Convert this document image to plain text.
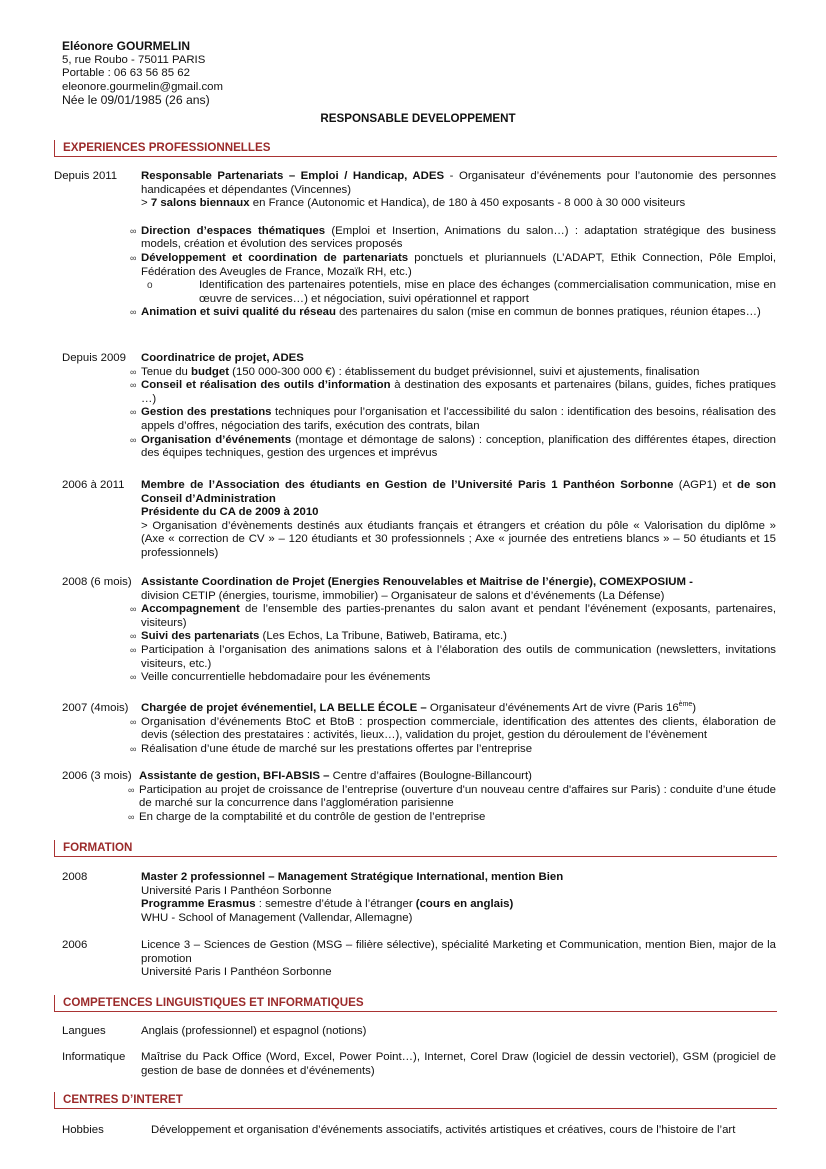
Eléonore GOURMELIN
5, rue Roubo - 75011 PARIS
Portable : 06 63 56 85 62
eleonore.gourmelin@gmail.com
Née le 09/01/1985 (26 ans)
RESPONSABLE DEVELOPPEMENT
EXPERIENCES PROFESSIONNELLES
Depuis 2011 Responsable Partenariats – Emploi / Handicap, ADES - Organisateur d’événements pour l’autonomie des personnes handicapées et dépendantes (Vincennes)

> 7 salons biennaux en France (Autonomic et Handica), de 180 à 450 exposants - 8 000 à 30 000 visiteurs

∞ Direction d’espaces thématiques (Emploi et Insertion, Animations du salon…) : adaptation stratégique des business models, création et évolution des services proposés
∞ Développement et coordination de partenariats ponctuels et pluriannuels (L’ADAPT, Ethik Connection, Pôle Emploi, Fédération des Aveugles de France, Mozaïk RH, etc.)
o Identification des partenaires potentiels, mise en place des échanges (commercialisation communication, mise en œuvre de services…) et négociation, suivi opérationnel et rapport
∞ Animation et suivi qualité du réseau des partenaires du salon (mise en commun de bonnes pratiques, réunion étapes…)
Depuis 2009 Coordinatrice de projet, ADES

∞ Tenue du budget (150 000-300 000 €) : établissement du budget prévisionnel, suivi et ajustements, finalisation
∞ Conseil et réalisation des outils d’information à destination des exposants et partenaires (bilans, guides, fiches pratiques …)
∞ Gestion des prestations techniques pour l’organisation et l’accessibilité du salon : identification des besoins, réalisation des appels d’offres, négociation des tarifs, exécution des contrats, bilan
∞ Organisation d’événements (montage et démontage de salons) : conception, planification des différentes étapes, direction des équipes techniques, gestion des urgences et imprévus
2006 à 2011 Membre de l’Association des étudiants en Gestion de l’Université Paris 1 Panthéon Sorbonne (AGP1) et de son Conseil d’Administration

Présidente du CA de 2009 à 2010

> Organisation d’évènements destinés aux étudiants français et étrangers et création du pôle « Valorisation du diplôme » (Axe « correction de CV » – 120 étudiants et 30 professionnels ; Axe « journée des entretiens blancs » – 50 étudiants et 15 professionnels)

2008 (6 mois) Assistante Coordination de Projet (Energies Renouvelables et Maitrise de l’énergie), COMEXPOSIUM -

division CETIP (énergies, tourisme, immobilier) – Organisateur de salons et d’événements (La Défense)

∞ Accompagnement de l’ensemble des parties-prenantes du salon avant et pendant l’événement (exposants, partenaires, visiteurs)
∞ Suivi des partenariats (Les Echos, La Tribune, Batiweb, Batirama, etc.)
∞ Participation à l’organisation des animations salons et à l’élaboration des outils de communication (newsletters, invitations visiteurs, etc.)
∞ Veille concurrentielle hebdomadaire pour les événements
2007 (4mois) Chargée de projet événementiel, LA BELLE ÉCOLE – Organisateur d’événements Art de vivre (Paris 16ème)

∞ Organisation d’événements BtoC et BtoB : prospection commerciale, identification des attentes des clients, élaboration de devis (sélection des prestataires : activités, lieux…), validation du projet, gestion du déroulement de l’évènement
∞ Réalisation d’une étude de marché sur les prestations offertes par l’entreprise
2006 (3 mois) Assistante de gestion, BFI-ABSIS – Centre d’affaires (Boulogne-Billancourt)

∞ Participation au projet de croissance de l’entreprise (ouverture d'un nouveau centre d'affaires sur Paris) : conduite d’une étude de marché sur la concurrence dans l’agglomération parisienne
∞ En charge de la comptabilité et du contrôle de gestion de l’entreprise
FORMATION
2008	Master 2 professionnel – Management Stratégique International, mention Bien

Université Paris I Panthéon Sorbonne

Programme Erasmus : semestre d’étude à l’étranger (cours en anglais)

WHU - School of Management (Vallendar, Allemagne)

2006	Licence 3 – Sciences de Gestion (MSG – filière sélective), spécialité Marketing et Communication, mention Bien, major de la promotion

Université Paris I Panthéon Sorbonne

COMPETENCES LINGUISTIQUES ET INFORMATIQUES
Langues	Anglais (professionnel) et espagnol (notions)
Informatique Maîtrise du Pack Office (Word, Excel, Power Point…), Internet, Corel Draw (logiciel de dessin vectoriel), GSM (progiciel de gestion de base de données et d’événements)
CENTRES D’INTERET
Hobbies	Développement et organisation d’événements associatifs, activités artistiques et créatives, cours de l’histoire de l’art
